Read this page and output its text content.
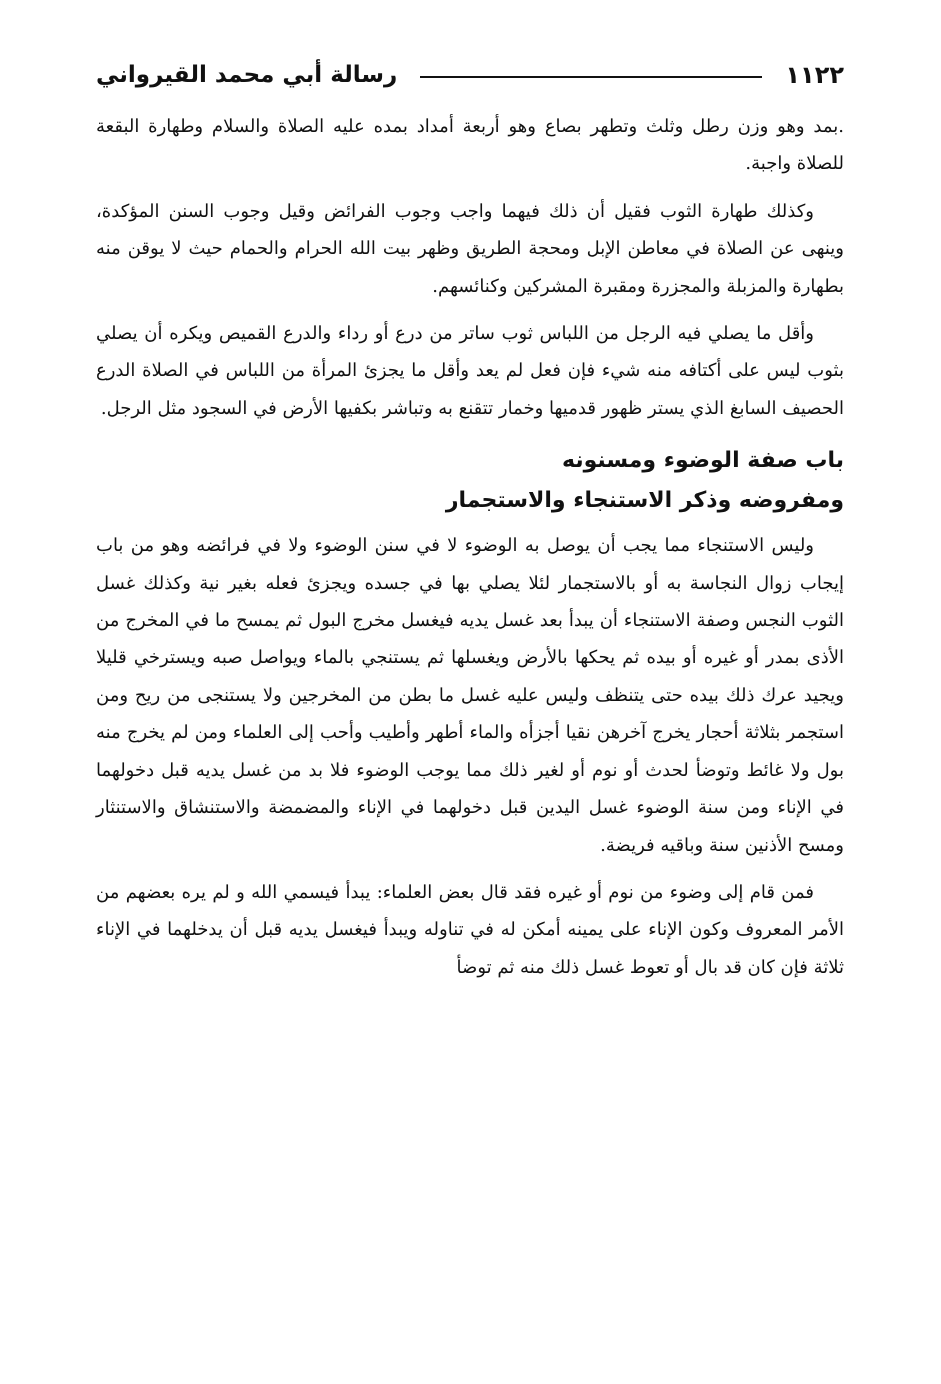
١١٢٢
رسالة أبي محمد القيرواني

.بمد وهو وزن رطل وثلث وتطهر بصاع وهو أربعة أمداد بمده عليه الصلاة والسلام وطهارة البقعة للصلاة واجبة.

وكذلك طهارة الثوب فقيل أن ذلك فيهما واجب وجوب الفرائض وقيل وجوب السنن المؤكدة، وينهى عن الصلاة في معاطن الإبل ومحجة الطريق وظهر بيت الله الحرام والحمام حيث لا يوقن منه بطهارة والمزبلة والمجزرة ومقبرة المشركين وكنائسهم.

وأقل ما يصلي فيه الرجل من اللباس ثوب ساتر من درع أو رداء والدرع القميص ويكره أن يصلي بثوب ليس على أكتافه منه شيء فإن فعل لم يعد وأقل ما يجزئ المرأة من اللباس في الصلاة الدرع الحصيف السابغ الذي يستر ظهور قدميها وخمار تتقنع به وتباشر بكفيها الأرض في السجود مثل الرجل.

باب صفة الوضوء ومسنونه
ومفروضه وذكر الاستنجاء والاستجمار

وليس الاستنجاء مما يجب أن يوصل به الوضوء لا في سنن الوضوء ولا في فرائضه وهو من باب إيجاب زوال النجاسة به أو بالاستجمار لئلا يصلي بها في جسده ويجزئ فعله بغير نية وكذلك غسل الثوب النجس وصفة الاستنجاء أن يبدأ بعد غسل يديه فيغسل مخرج البول ثم يمسح ما في المخرج من الأذى بمدر أو غيره أو بيده ثم يحكها بالأرض ويغسلها ثم يستنجي بالماء ويواصل صبه ويسترخي قليلا ويجيد عرك ذلك بيده حتى يتنظف وليس عليه غسل ما بطن من المخرجين ولا يستنجى من ريح ومن استجمر بثلاثة أحجار يخرج آخرهن نقيا أجزأه والماء أطهر وأطيب وأحب إلى العلماء ومن لم يخرج منه بول ولا غائط وتوضأ لحدث أو نوم أو لغير ذلك مما يوجب الوضوء فلا بد من غسل يديه قبل دخولهما في الإناء ومن سنة الوضوء غسل اليدين قبل دخولهما في الإناء والمضمضة والاستنشاق والاستنثار ومسح الأذنين سنة وباقيه فريضة.

فمن قام إلى وضوء من نوم أو غيره فقد قال بعض العلماء: يبدأ فيسمي الله و لم يره بعضهم من الأمر المعروف وكون الإناء على يمينه أمكن له في تناوله ويبدأ فيغسل يديه قبل أن يدخلهما في الإناء ثلاثة فإن كان قد بال أو تعوط غسل ذلك منه ثم توضأ
